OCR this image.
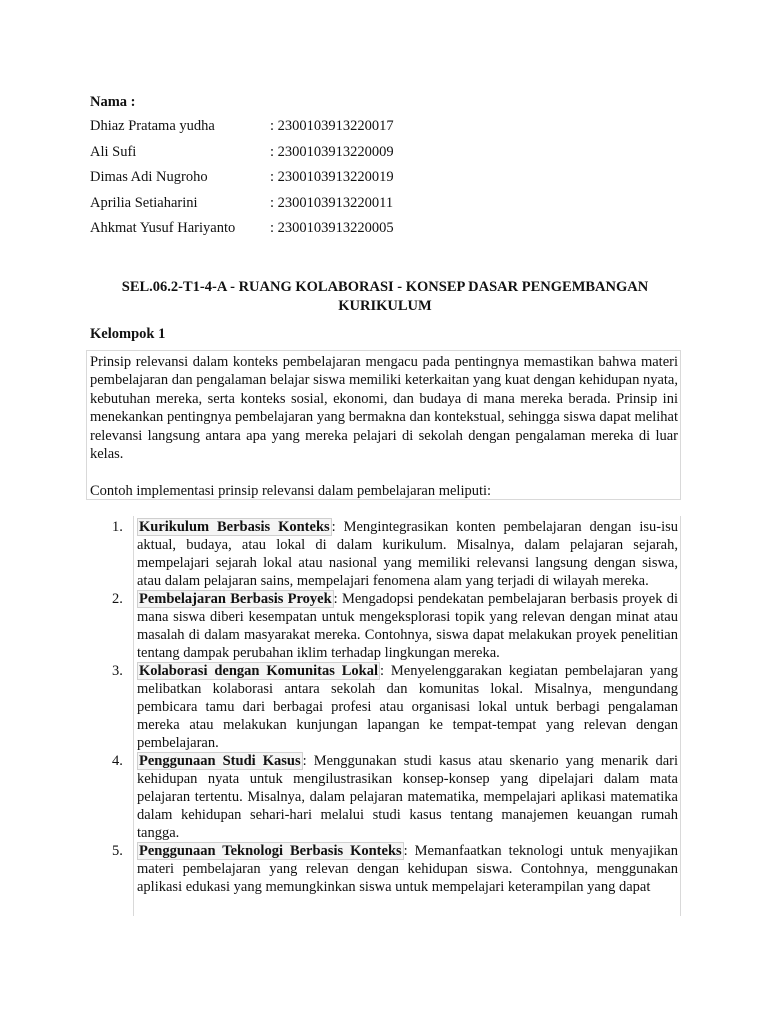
Nama :
Dhiaz Pratama yudha	: 2300103913220017
Ali Sufi	: 2300103913220009
Dimas Adi Nugroho	: 2300103913220019
Aprilia Setiaharini	: 2300103913220011
Ahkmat Yusuf Hariyanto	: 2300103913220005
SEL.06.2-T1-4-A - RUANG KOLABORASI - KONSEP DASAR PENGEMBANGAN
KURIKULUM
Kelompok 1
Prinsip relevansi dalam konteks pembelajaran mengacu pada pentingnya memastikan bahwa materi pembelajaran dan pengalaman belajar siswa memiliki keterkaitan yang kuat dengan kehidupan nyata, kebutuhan mereka, serta konteks sosial, ekonomi, dan budaya di mana mereka berada. Prinsip ini menekankan pentingnya pembelajaran yang bermakna dan kontekstual, sehingga siswa dapat melihat relevansi langsung antara apa yang mereka pelajari di sekolah dengan pengalaman mereka di luar kelas.
Contoh implementasi prinsip relevansi dalam pembelajaran meliputi:
1. Kurikulum Berbasis Konteks : Mengintegrasikan konten pembelajaran dengan isu-isu aktual, budaya, atau lokal di dalam kurikulum. Misalnya, dalam pelajaran sejarah, mempelajari sejarah lokal atau nasional yang memiliki relevansi langsung dengan siswa, atau dalam pelajaran sains, mempelajari fenomena alam yang terjadi di wilayah mereka.
2. Pembelajaran Berbasis Proyek : Mengadopsi pendekatan pembelajaran berbasis proyek di mana siswa diberi kesempatan untuk mengeksplorasi topik yang relevan dengan minat atau masalah di dalam masyarakat mereka. Contohnya, siswa dapat melakukan proyek penelitian tentang dampak perubahan iklim terhadap lingkungan mereka.
3. Kolaborasi dengan Komunitas Lokal : Menyelenggarakan kegiatan pembelajaran yang melibatkan kolaborasi antara sekolah dan komunitas lokal. Misalnya, mengundang pembicara tamu dari berbagai profesi atau organisasi lokal untuk berbagi pengalaman mereka atau melakukan kunjungan lapangan ke tempat-tempat yang relevan dengan pembelajaran.
4. Penggunaan Studi Kasus : Menggunakan studi kasus atau skenario yang menarik dari kehidupan nyata untuk mengilustrasikan konsep-konsep yang dipelajari dalam mata pelajaran tertentu. Misalnya, dalam pelajaran matematika, mempelajari aplikasi matematika dalam kehidupan sehari-hari melalui studi kasus tentang manajemen keuangan rumah tangga.
5. Penggunaan Teknologi Berbasis Konteks : Memanfaatkan teknologi untuk menyajikan materi pembelajaran yang relevan dengan kehidupan siswa. Contohnya, menggunakan aplikasi edukasi yang memungkinkan siswa untuk mempelajari keterampilan yang dapat
